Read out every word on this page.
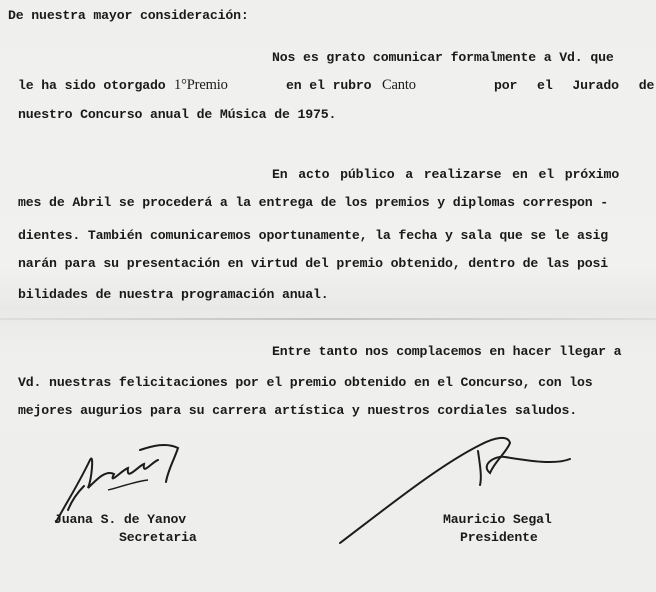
De nuestra mayor consideración:
Nos es grato comunicar formalmente a Vd. que

le ha sido otorgado

1°Premio

	en el rubro

Canto

	por el Jurado de

nuestro Concurso anual de Música de 1975.
En acto público a realizarse en el próximo
mes de Abril se procederá a la entrega de los premios y diplomas correspon -
dientes. También comunicaremos oportunamente, la fecha y sala que se le asig
narán para su presentación en virtud del premio obtenido, dentro de las posi
bilidades de nuestra programación anual.
Entre tanto nos complacemos en hacer llegar a
Vd. nuestras felicitaciones por el premio obtenido en el Concurso, con los
mejores augurios para su carrera artística y nuestros cordiales saludos.
Juana S. de Yanov
Secretaria
Mauricio Segal
Presidente
